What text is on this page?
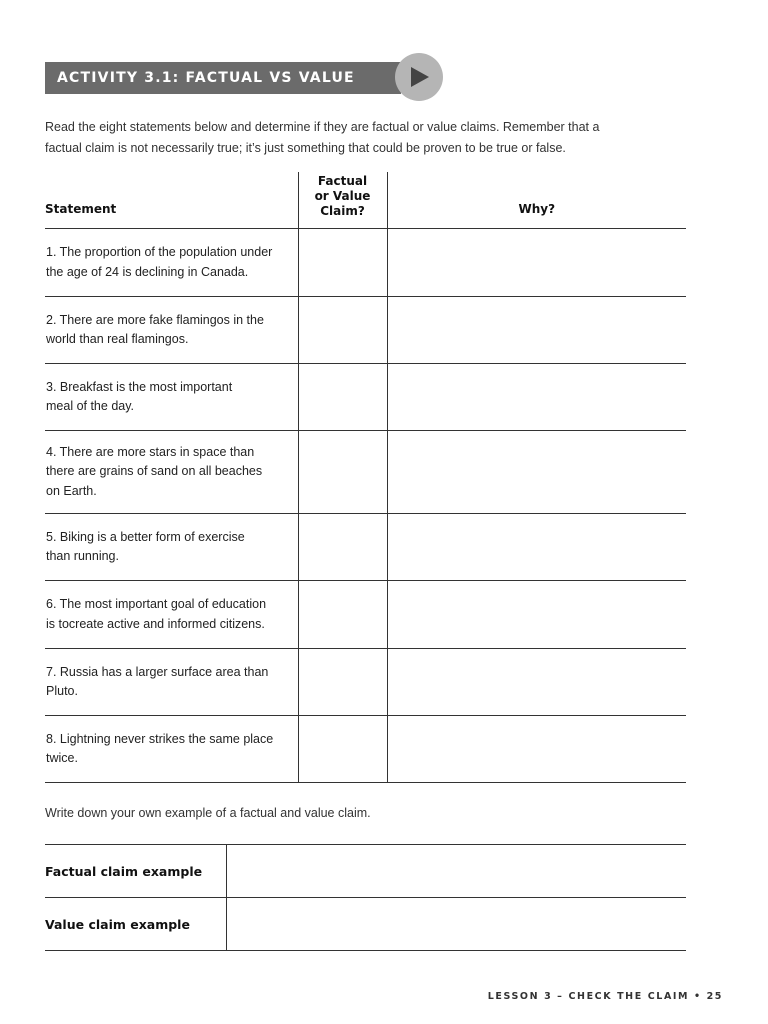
ACTIVITY 3.1: FACTUAL VS VALUE CLAIMS
Read the eight statements below and determine if they are factual or value claims. Remember that a
factual claim is not necessarily true; it’s just something that could be proven to be true or false.
Statement	Factual
or Value
Claim?	Why?

1. The proportion of the population under
the age of 24 is declining in Canada.		

2. There are more fake flamingos in the
world than real flamingos.		

3. Breakfast is the most important
meal of the day.		

4. There are more stars in space than
there are grains of sand on all beaches
on Earth.		

5. Biking is a better form of exercise
than running.		

6. The most important goal of education
is tocreate active and informed citizens.		

7. Russia has a larger surface area than
Pluto.		

8. Lightning never strikes the same place
twice.		

Write down your own example of a factual and value claim.
Factual claim example	
Value claim example	
LESSON 3 – CHECK THE CLAIM • 25
